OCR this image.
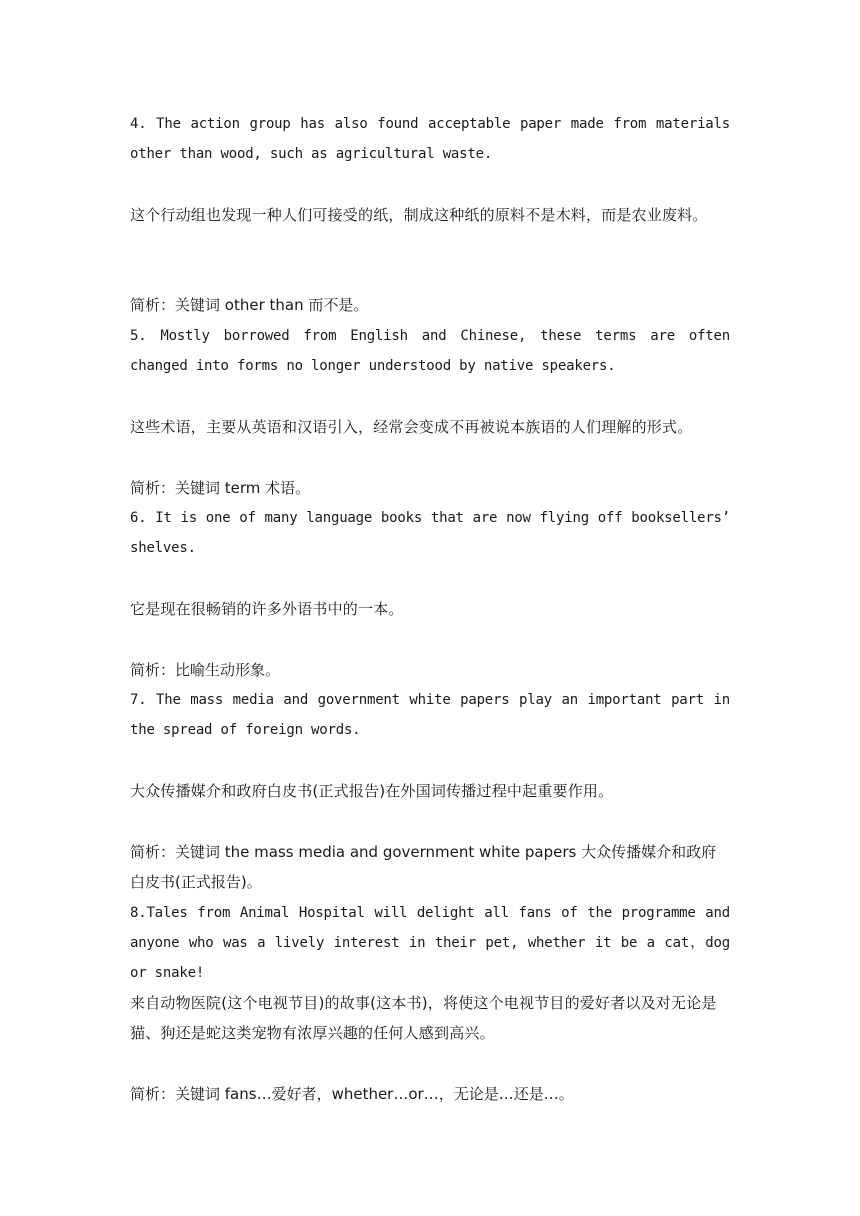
4. The action group has also found acceptable paper made from materials other than wood, such as agricultural waste.

这个行动组也发现一种人们可接受的纸，制成这种纸的原料不是木料，而是农业废料。

简析：关键词 other than 而不是。

5. Mostly borrowed from English and Chinese, these terms are often changed into forms no longer understood by native speakers.

这些术语，主要从英语和汉语引入，经常会变成不再被说本族语的人们理解的形式。

简析：关键词 term 术语。

6. It is one of many language books that are now flying off booksellers’ shelves.

它是现在很畅销的许多外语书中的一本。

简析：比喻生动形象。

7. The mass media and government white papers play an important part in the spread of foreign words.

大众传播媒介和政府白皮书(正式报告)在外国词传播过程中起重要作用。

简析：关键词 the mass media and government white papers 大众传播媒介和政府白皮书(正式报告)。

8.Tales from Animal Hospital will delight all fans of the programme and anyone who was a lively interest in their pet, whether it be a cat，dog or snake!

来自动物医院(这个电视节目)的故事(这本书)，将使这个电视节目的爱好者以及对无论是猫、狗还是蛇这类宠物有浓厚兴趣的任何人感到高兴。

简析：关键词 fans…爱好者，whether…or…，无论是…还是…。
